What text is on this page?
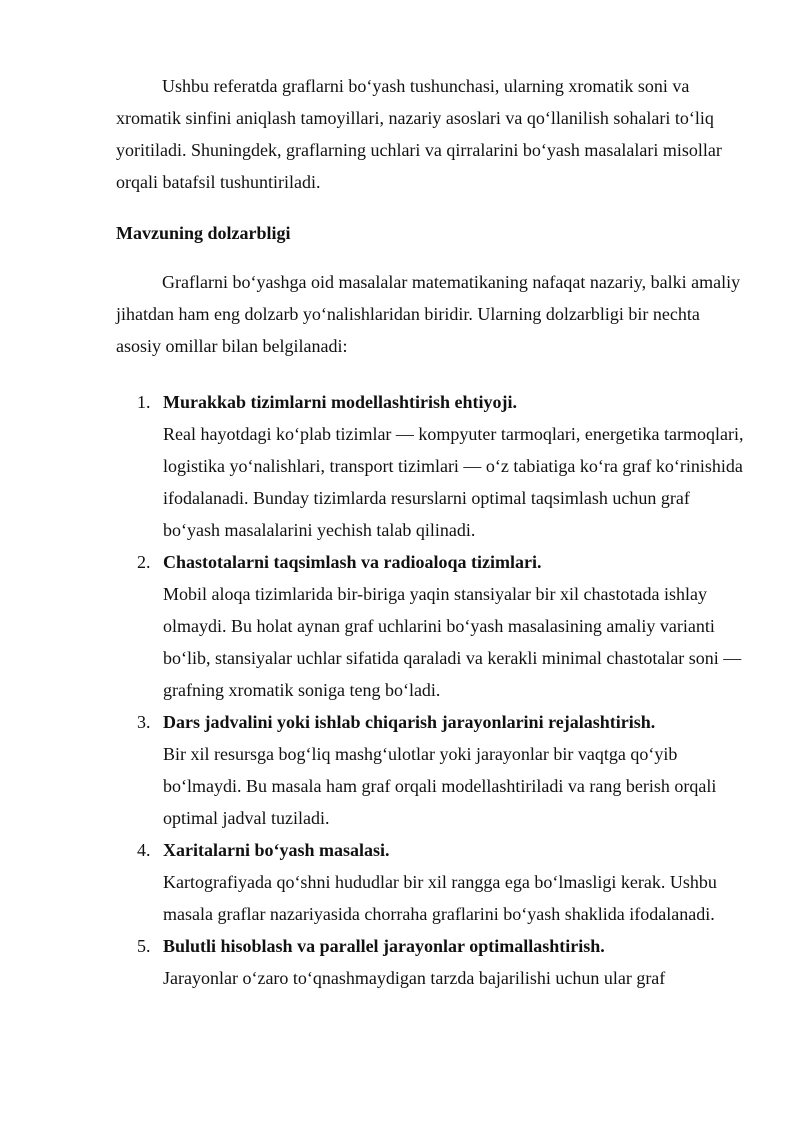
Ushbu referatda graflarni bo‘yash tushunchasi, ularning xromatik soni va xromatik sinfini aniqlash tamoyillari, nazariy asoslari va qo‘llanilish sohalari to‘liq yoritiladi. Shuningdek, graflarning uchlari va qirralarini bo‘yash masalalari misollar orqali batafsil tushuntiriladi.

Mavzuning dolzarbligi

Graflarni bo‘yashga oid masalalar matematikaning nafaqat nazariy, balki amaliy jihatdan ham eng dolzarb yo‘nalishlaridan biridir. Ularning dolzarbligi bir nechta asosiy omillar bilan belgilanadi:

1. Murakkab tizimlarni modellashtirish ehtiyoji.
Real hayotdagi ko‘plab tizimlar — kompyuter tarmoqlari, energetika tarmoqlari, logistika yo‘nalishlari, transport tizimlari — o‘z tabiatiga ko‘ra graf ko‘rinishida ifodalanadi. Bunday tizimlarda resurslarni optimal taqsimlash uchun graf bo‘yash masalalarini yechish talab qilinadi.
2. Chastotalarni taqsimlash va radioaloqa tizimlari.
Mobil aloqa tizimlarida bir-biriga yaqin stansiyalar bir xil chastotada ishlay olmaydi. Bu holat aynan graf uchlarini bo‘yash masalasining amaliy varianti bo‘lib, stansiyalar uchlar sifatida qaraladi va kerakli minimal chastotalar soni — grafning xromatik soniga teng bo‘ladi.
3. Dars jadvalini yoki ishlab chiqarish jarayonlarini rejalashtirish.
Bir xil resursga bog‘liq mashg‘ulotlar yoki jarayonlar bir vaqtga qo‘yib bo‘lmaydi. Bu masala ham graf orqali modellashtiriladi va rang berish orqali optimal jadval tuziladi.
4. Xaritalarni bo‘yash masalasi.
Kartografiyada qo‘shni hududlar bir xil rangga ega bo‘lmasligi kerak. Ushbu masala graflar nazariyasida chorraha graflarini bo‘yash shaklida ifodalanadi.
5. Bulutli hisoblash va parallel jarayonlar optimallashtirish.
Jarayonlar o‘zaro to‘qnashmaydigan tarzda bajarilishi uchun ular graf
